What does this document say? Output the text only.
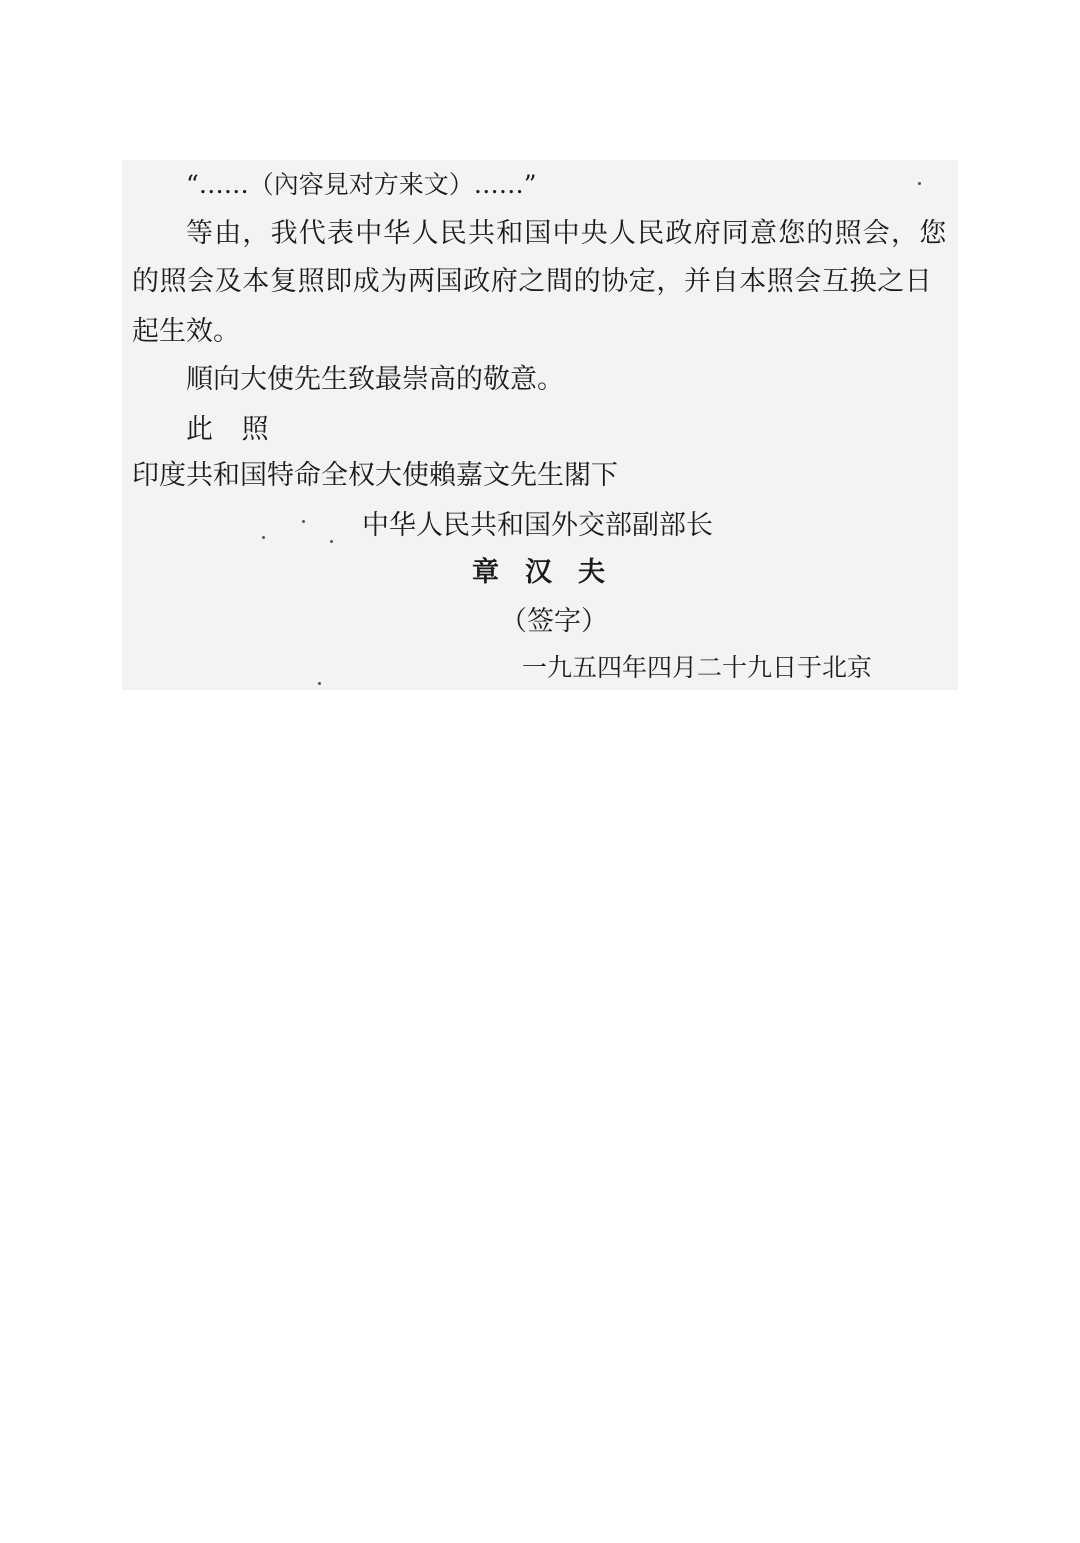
“……（內容見对方来文）……”
等由，我代表中华人民共和国中央人民政府同意您的照会，您
的照会及本复照即成为两国政府之間的协定，并自本照会互换之日
起生效。
順向大使先生致最崇高的敬意。
此 照
印度共和国特命全权大使賴嘉文先生閣下
中华人民共和国外交部副部长
章汉夫
（签字）
一九五四年四月二十九日于北京
